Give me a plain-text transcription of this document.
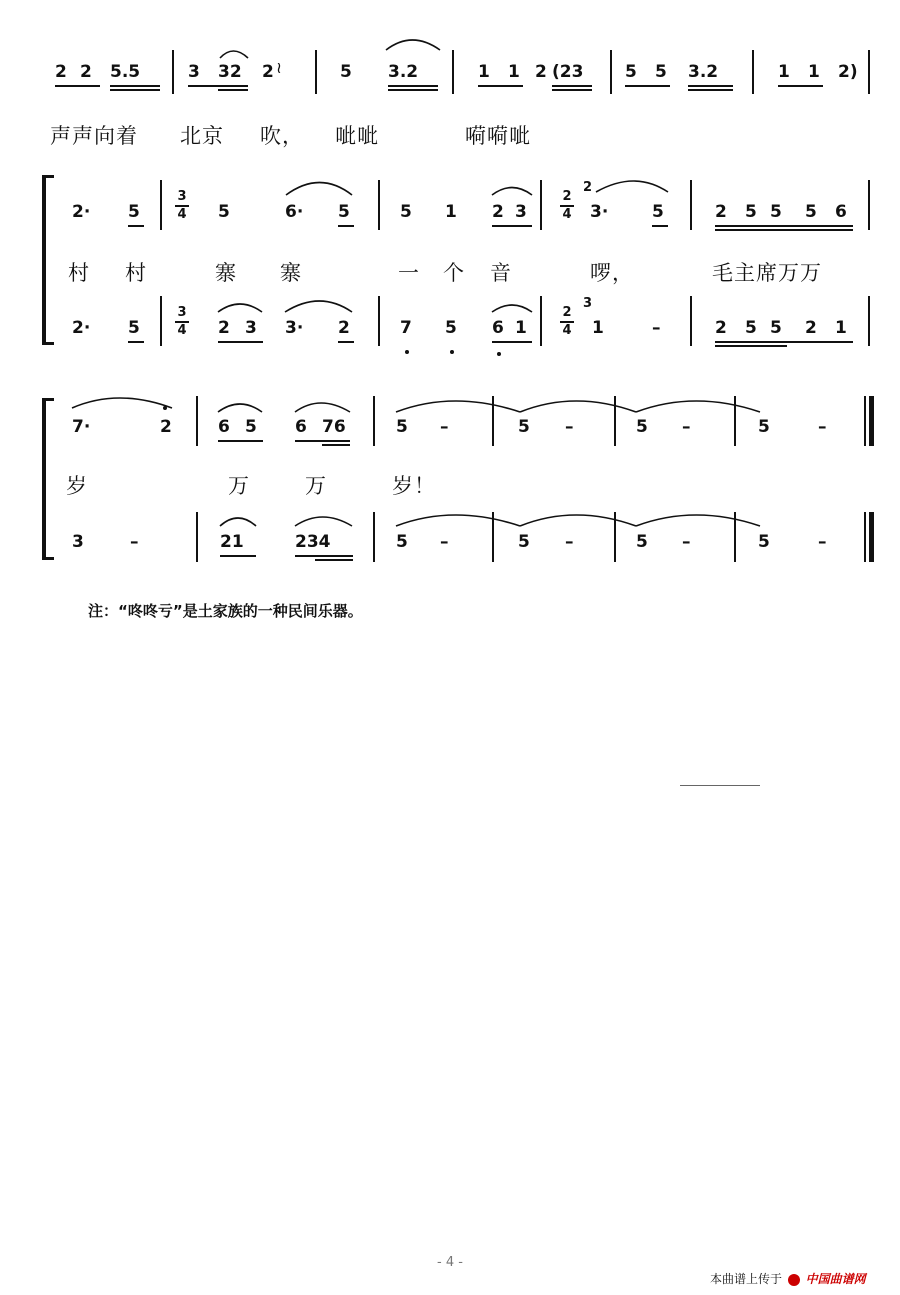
2 2 5.5	3 32 2 ≀	5 3.2	1 1 2 (23 5 5 3.2	1 1 2)
声声向着 北京 吹， 呲呲	嗬嗬呲
2· 5
3
4 5	6· 5	5 1 2 3
2
4
2
3·	5	2 5 5 5 6
村 村	寨 寨	一 个 音	啰，	毛主席万万
2· 5
3
4 2 3 3· 2	7 5 6 1
2
4
3
1	–	2 5 5 2 1
7·	2	6 5 6 76	5 –	5 –	5 –	5	–
岁	万	万	岁！
3	–	21	234	5 –	5 –	5 –	5	–
注：“咚咚亏”是土家族的一种民间乐器。
- 4 -
本曲谱上传于 中国曲谱网
